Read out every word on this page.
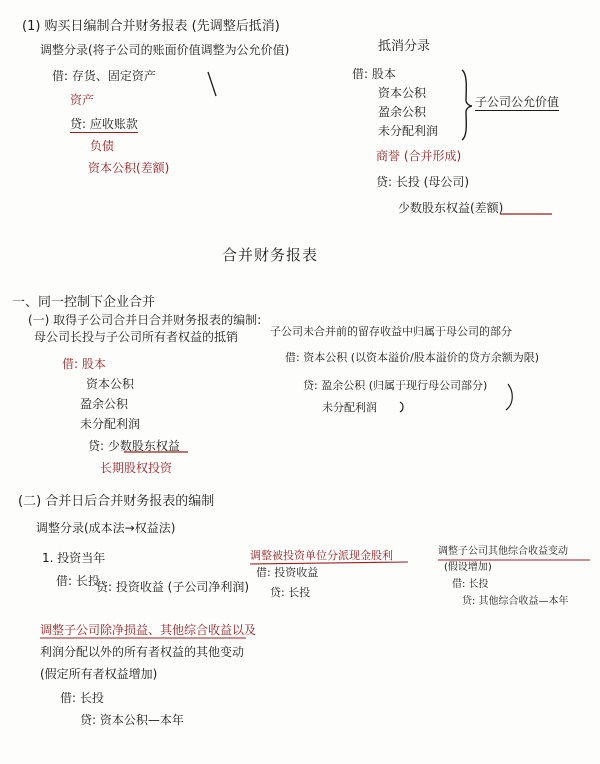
(1) 购买日编制合并财务报表 (先调整后抵消)
调整分录(将子公司的账面价值调整为公允价值)
借: 存货、固定资产
资产
贷: 应收账款
负债
资本公积(差额)
抵消分录
借: 股本
资本公积
盈余公积
未分配利润
子公司公允价值
商誉 (合并形成)
贷: 长投 (母公司)
少数股东权益(差额)
合并财务报表
一、同一控制下企业合并
(一) 取得子公司合并日合并财务报表的编制:
母公司长投与子公司所有者权益的抵销
借: 股本
资本公积
盈余公积
未分配利润
贷: 少数股东权益
长期股权投资
子公司未合并前的留存收益中归属于母公司的部分
借: 资本公积 (以资本溢价/股本溢价的贷方余额为限)
贷: 盈余公积 (归属于现行母公司部分)
未分配利润
(二) 合并日后合并财务报表的编制
调整分录(成本法→权益法)
1. 投资当年
借: 长投
贷: 投资收益 (子公司净利润)
调整被投资单位分派现金股利
借: 投资收益
贷: 长投
调整子公司其他综合收益变动
(假设增加)
借: 长投
贷: 其他综合收益—本年
调整子公司除净损益、其他综合收益以及
利润分配以外的所有者权益的其他变动
(假定所有者权益增加)
借: 长投
贷: 资本公积—本年
